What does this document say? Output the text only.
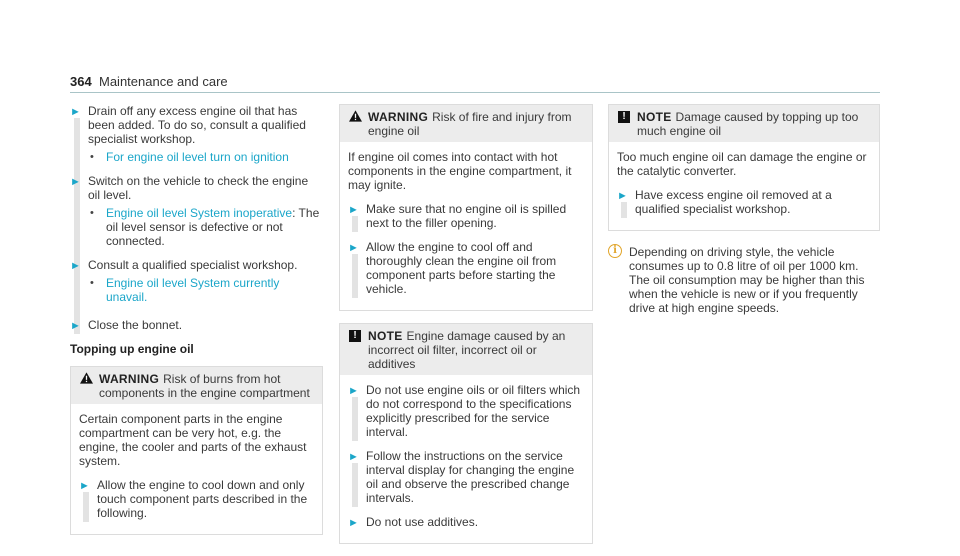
364 Maintenance and care
► Drain off any excess engine oil that has been added. To do so, consult a qualified specialist workshop.
• For engine oil level turn on ignition
► Switch on the vehicle to check the engine oil level.
• Engine oil level System inoperative: The oil level sensor is defective or not connected.
► Consult a qualified specialist workshop.
• Engine oil level System currently unavail.
► Close the bonnet.
Topping up engine oil
WARNING Risk of burns from hot components in the engine compartment

Certain component parts in the engine compartment can be very hot, e.g. the engine, the cooler and parts of the exhaust system.

► Allow the engine to cool down and only touch component parts described in the following.
WARNING Risk of fire and injury from engine oil

If engine oil comes into contact with hot components in the engine compartment, it may ignite.

► Make sure that no engine oil is spilled next to the filler opening.
► Allow the engine to cool off and thoroughly clean the engine oil from component parts before starting the vehicle.
! NOTE Engine damage caused by an incorrect oil filter, incorrect oil or additives
► Do not use engine oils or oil filters which do not correspond to the specifications explicitly prescribed for the service interval.
► Follow the instructions on the service interval display for changing the engine oil and observe the prescribed change intervals.
► Do not use additives.
! NOTE Damage caused by topping up too much engine oil

Too much engine oil can damage the engine or the catalytic converter.

► Have excess engine oil removed at a qualified specialist workshop.
i	Depending on driving style, the vehicle consumes up to 0.8 litre of oil per 1000 km. The oil consumption may be higher than this when the vehicle is new or if you frequently drive at high engine speeds.
